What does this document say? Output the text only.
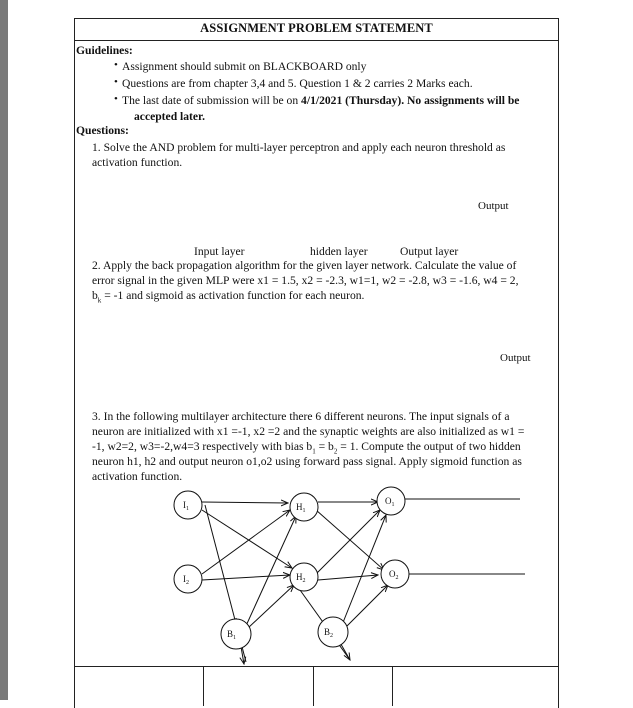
ASSIGNMENT PROBLEM STATEMENT
Guidelines:
• Assignment should submit on BLACKBOARD only
• Questions are from chapter 3,4 and 5. Question 1 & 2 carries 2 Marks each.
• The last date of submission will be on 4/1/2021 (Thursday). No assignments will be
accepted later.
Questions:
1. Solve the AND problem for multi-layer perceptron and apply each neuron threshold as
activation function.
Output
Input layer	hidden layer	Output layer
2. Apply the back propagation algorithm for the given layer network. Calculate the value of
error signal in the given MLP were x1 = 1.5, x2 = -2.3, w1=1, w2 = -2.8, w3 = -1.6, w4 = 2,
$b_k = -1$ and sigmoid as activation function for each neuron.
Output
3. In the following multilayer architecture there 6 different neurons. The input signals of a
neuron are initialized with x1 =-1, x2 =2 and the synaptic weights are also initialized as w1 =
-1, w2=2, w3=-2,w4=3 respectively with bias $b_1 = b_2 = 1$. Compute the output of two hidden
neuron h1, h2 and output neuron o1,o2 using forward pass signal. Apply sigmoid function as
activation function.
$I_1$
$I_2$
$B_1$
$H_1$
$H_2$
$B_2$
$O_1$
$O_2$
